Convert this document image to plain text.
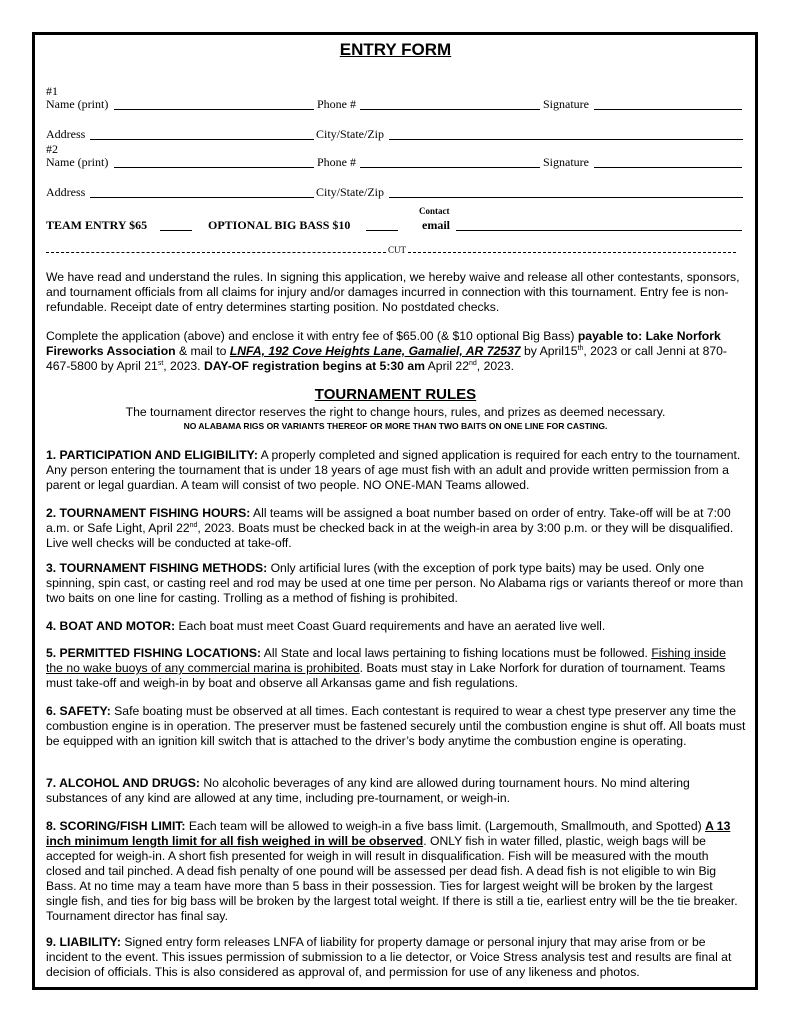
ENTRY FORM
#1
Name (print)	Phone #	Signature
Address	City/State/Zip
#2
Name (print)	Phone #	Signature
Address	City/State/Zip
TEAM ENTRY $65	OPTIONAL BIG BASS $10
Contact
email
CUT

We have read and understand the rules. In signing this application, we hereby waive and release all other contestants, sponsors, and tournament officials from all claims for injury and/or damages incurred in connection with this tournament. Entry fee is non-refundable. Receipt date of entry determines starting position. No postdated checks.

Complete the application (above) and enclose it with entry fee of $65.00 (& $10 optional Big Bass) payable to: Lake Norfork Fireworks Association & mail to LNFA, 192 Cove Heights Lane, Gamaliel, AR 72537 by April15th, 2023 or call Jenni at 870-467-5800 by April 21st, 2023. DAY-OF registration begins at 5:30 am April 22nd, 2023.

TOURNAMENT RULES
The tournament director reserves the right to change hours, rules, and prizes as deemed necessary.
NO ALABAMA RIGS OR VARIANTS THEREOF OR MORE THAN TWO BAITS ON ONE LINE FOR CASTING.

1. PARTICIPATION AND ELIGIBILITY: A properly completed and signed application is required for each entry to the tournament. Any person entering the tournament that is under 18 years of age must fish with an adult and provide written permission from a parent or legal guardian. A team will consist of two people. NO ONE-MAN Teams allowed.

2. TOURNAMENT FISHING HOURS: All teams will be assigned a boat number based on order of entry. Take-off will be at 7:00 a.m. or Safe Light, April 22nd, 2023. Boats must be checked back in at the weigh-in area by 3:00 p.m. or they will be disqualified. Live well checks will be conducted at take-off.

3. TOURNAMENT FISHING METHODS: Only artificial lures (with the exception of pork type baits) may be used. Only one spinning, spin cast, or casting reel and rod may be used at one time per person. No Alabama rigs or variants thereof or more than two baits on one line for casting. Trolling as a method of fishing is prohibited.

4. BOAT AND MOTOR: Each boat must meet Coast Guard requirements and have an aerated live well.

5. PERMITTED FISHING LOCATIONS: All State and local laws pertaining to fishing locations must be followed. Fishing inside the no wake buoys of any commercial marina is prohibited. Boats must stay in Lake Norfork for duration of tournament. Teams must take-off and weigh-in by boat and observe all Arkansas game and fish regulations.

6. SAFETY: Safe boating must be observed at all times. Each contestant is required to wear a chest type preserver any time the combustion engine is in operation. The preserver must be fastened securely until the combustion engine is shut off. All boats must be equipped with an ignition kill switch that is attached to the driver’s body anytime the combustion engine is operating.

7. ALCOHOL AND DRUGS: No alcoholic beverages of any kind are allowed during tournament hours. No mind altering substances of any kind are allowed at any time, including pre-tournament, or weigh-in.

8. SCORING/FISH LIMIT: Each team will be allowed to weigh-in a five bass limit. (Largemouth, Smallmouth, and Spotted) A 13 inch minimum length limit for all fish weighed in will be observed. ONLY fish in water filled, plastic, weigh bags will be accepted for weigh-in. A short fish presented for weigh in will result in disqualification. Fish will be measured with the mouth closed and tail pinched. A dead fish penalty of one pound will be assessed per dead fish. A dead fish is not eligible to win Big Bass. At no time may a team have more than 5 bass in their possession. Ties for largest weight will be broken by the largest single fish, and ties for big bass will be broken by the largest total weight. If there is still a tie, earliest entry will be the tie breaker. Tournament director has final say.

9. LIABILITY: Signed entry form releases LNFA of liability for property damage or personal injury that may arise from or be incident to the event. This issues permission of submission to a lie detector, or Voice Stress analysis test and results are final at decision of officials. This is also considered as approval of, and permission for use of any likeness and photos.
